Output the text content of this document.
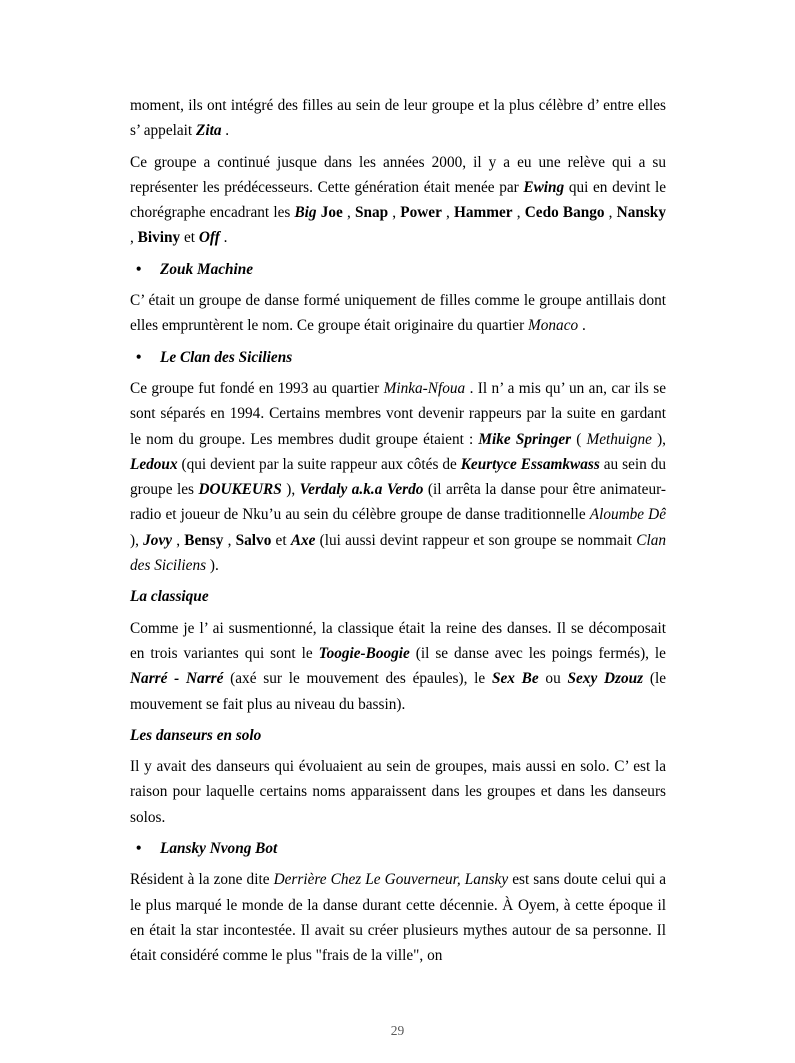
moment, ils ont intégré des filles au sein de leur groupe et la plus célèbre d’ entre elles s’ appelait Zita .

Ce groupe a continué jusque dans les années 2000, il y a eu une relève qui a su représenter les prédécesseurs. Cette génération était menée par Ewing qui en devint le chorégraphe encadrant les Big Joe , Snap , Power , Hammer , Cedo Bango , Nansky , Biviny et Off .

•	Zouk Machine

C’ était un groupe de danse formé uniquement de filles comme le groupe antillais dont elles empruntèrent le nom. Ce groupe était originaire du quartier Monaco .

•	Le Clan des Siciliens

Ce groupe fut fondé en 1993 au quartier Minka-Nfoua . Il n’ a mis qu’ un an, car ils se sont séparés en 1994. Certains membres vont devenir rappeurs par la suite en gardant le nom du groupe. Les membres dudit groupe étaient : Mike Springer ( Methuigne ), Ledoux (qui devient par la suite rappeur aux côtés de Keurtyce Essamkwass au sein du groupe les DOUKEURS ), Verdaly a.k.a Verdo (il arrêta la danse pour être animateur-radio et joueur de Nku’u au sein du célèbre groupe de danse traditionnelle Aloumbe Dê ), Jovy , Bensy , Salvo et Axe (lui aussi devint rappeur et son groupe se nommait Clan des Siciliens ).

La classique

Comme je l’ ai susmentionné, la classique était la reine des danses. Il se décomposait en trois variantes qui sont le Toogie-Boogie (il se danse avec les poings fermés), le Narré - Narré (axé sur le mouvement des épaules), le Sex Be ou Sexy Dzouz (le mouvement se fait plus au niveau du bassin).

Les danseurs en solo

Il y avait des danseurs qui évoluaient au sein de groupes, mais aussi en solo. C’ est la raison pour laquelle certains noms apparaissent dans les groupes et dans les danseurs solos.

•	Lansky Nvong Bot

Résident à la zone dite Derrière Chez Le Gouverneur, Lansky est sans doute celui qui a le plus marqué le monde de la danse durant cette décennie. À Oyem, à cette époque il en était la star incontestée. Il avait su créer plusieurs mythes autour de sa personne. Il était considéré comme le plus "frais de la ville", on

29
